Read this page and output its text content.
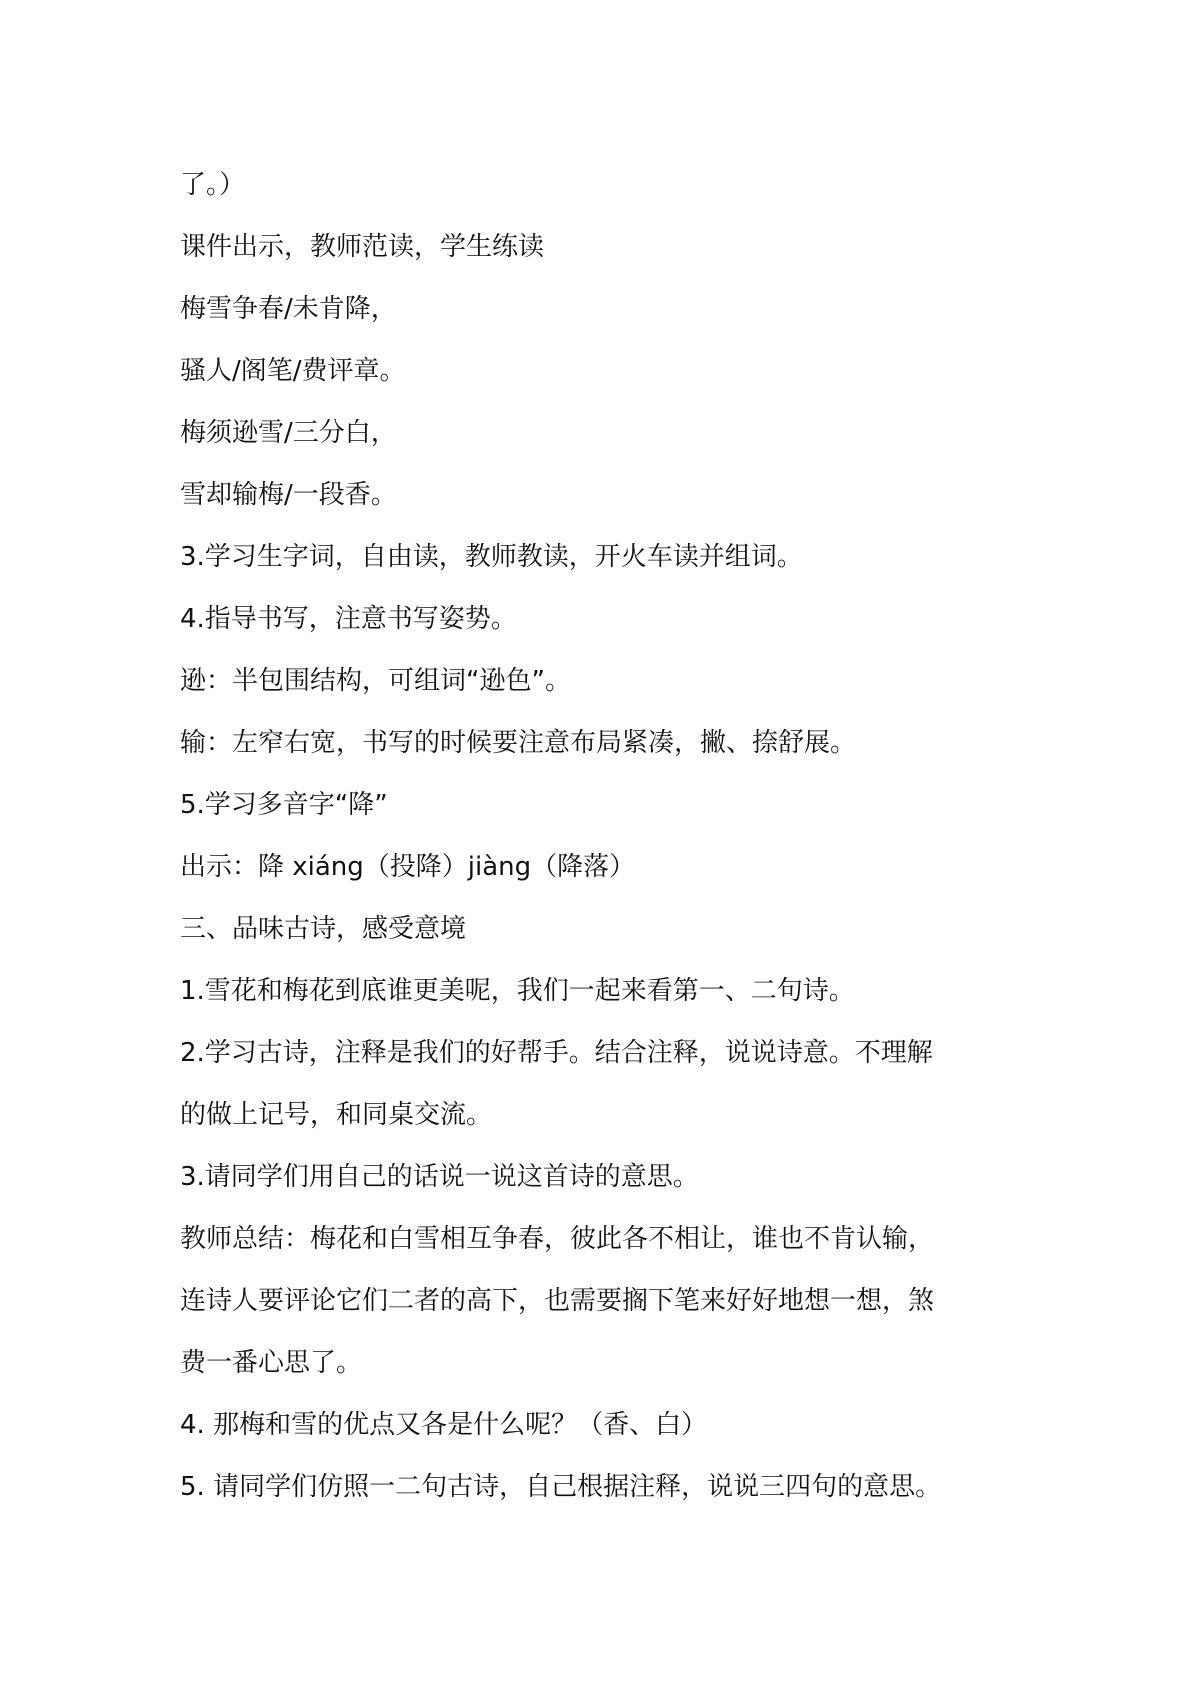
了。）
课件出示，教师范读，学生练读
梅雪争春/未肯降，
骚人/阁笔/费评章。
梅须逊雪/三分白，
雪却输梅/一段香。
3.学习生字词，自由读，教师教读，开火车读并组词。
4.指导书写，注意书写姿势。
逊：半包围结构，可组词“逊色”。
输：左窄右宽，书写的时候要注意布局紧凑，撇、捺舒展。
5.学习多音字“降”
出示：降 xiáng（投降）jiàng（降落）
三、品味古诗，感受意境
1.雪花和梅花到底谁更美呢，我们一起来看第一、二句诗。
2.学习古诗，注释是我们的好帮手。结合注释，说说诗意。不理解
的做上记号，和同桌交流。
3.请同学们用自己的话说一说这首诗的意思。
教师总结：梅花和白雪相互争春，彼此各不相让，谁也不肯认输，
连诗人要评论它们二者的高下，也需要搁下笔来好好地想一想，煞
费一番心思了。
4. 那梅和雪的优点又各是什么呢？（香、白）
5. 请同学们仿照一二句古诗，自己根据注释，说说三四句的意思。
